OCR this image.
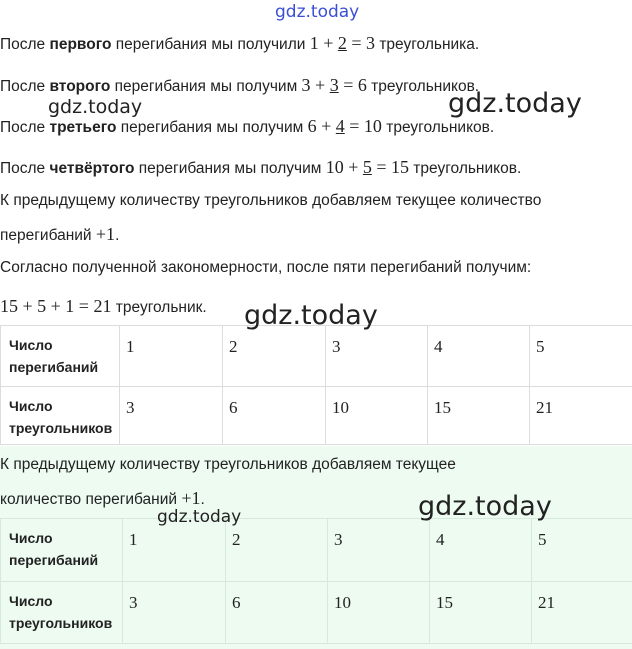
После первого перегибания мы получили 1 + 2 = 3 треугольника.
После второго перегибания мы получим 3 + 3 = 6 треугольников.
После третьего перегибания мы получим 6 + 4 = 10 треугольников.
После четвёртого перегибания мы получим 10 + 5 = 15 треугольников.
К предыдущему количеству треугольников добавляем текущее количество
перегибаний +1.
Согласно полученной закономерности, после пяти перегибаний получим:
15 + 5 + 1 = 21 треугольник.
Число перегибаний	1	2	3	4	5
Число треугольников	3	6	10	15	21
К предыдущему количеству треугольников добавляем текущее
количество перегибаний +1.
Число перегибаний	1	2	3	4	5
Число треугольников	3	6	10	15	21
gdz.today
gdz.today	gdz.today
gdz.today
gdz.today	gdz.today
